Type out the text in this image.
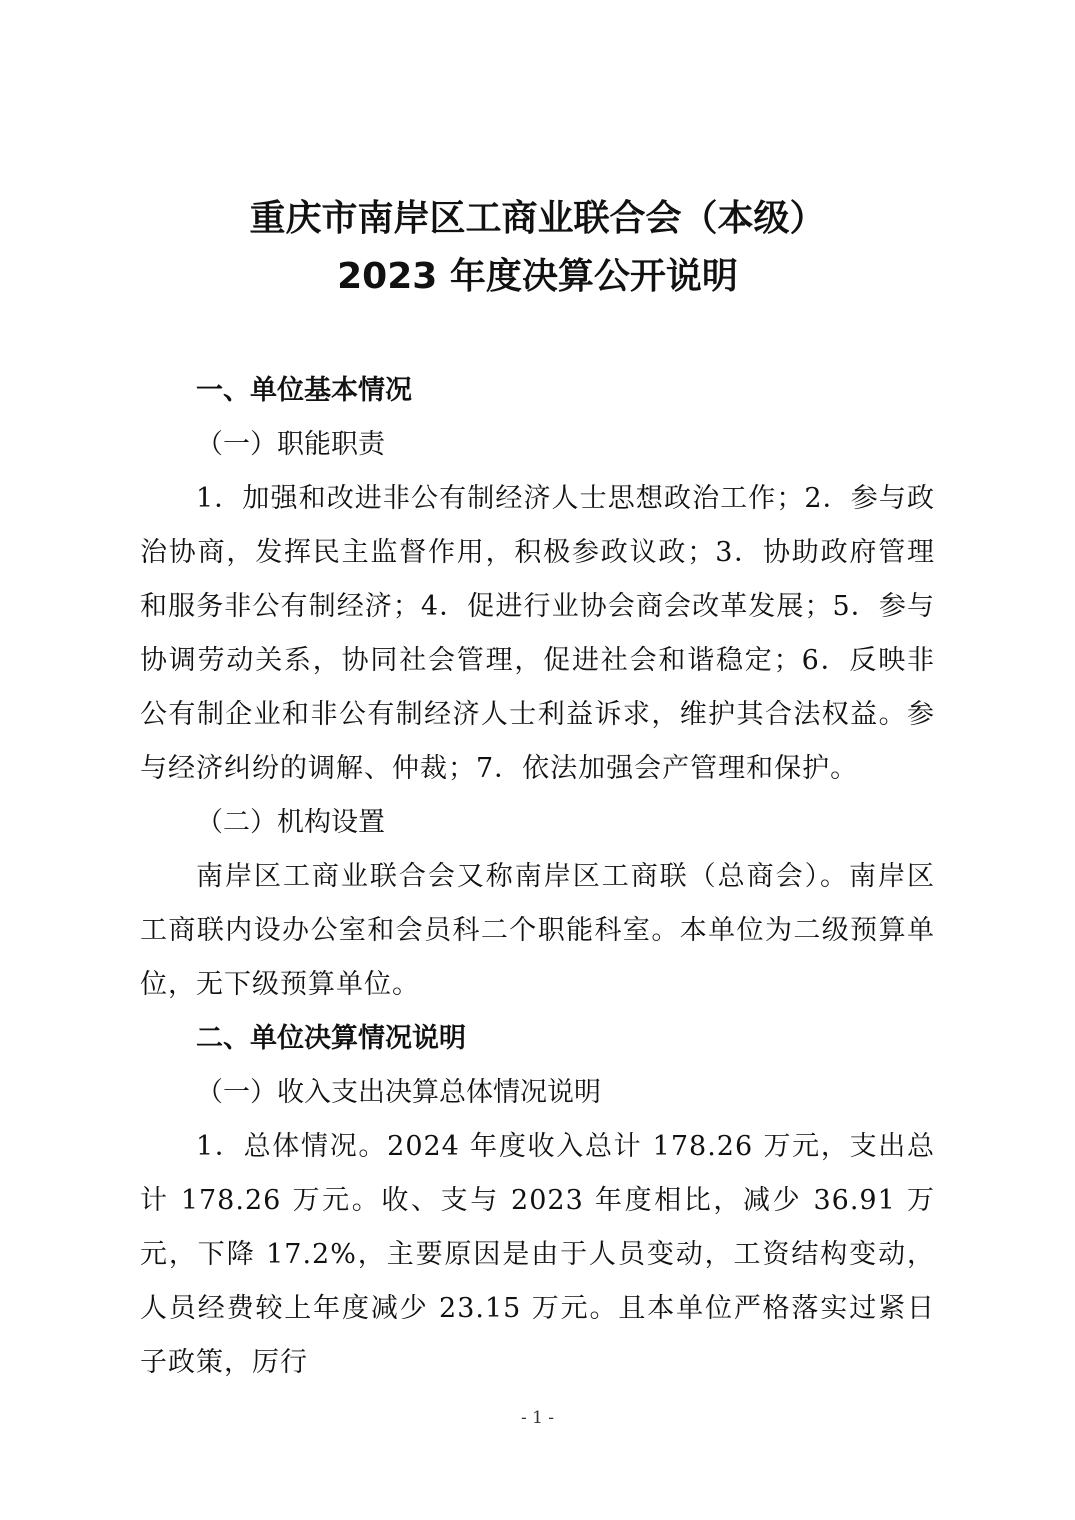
重庆市南岸区工商业联合会（本级）
2023 年度决算公开说明
一、单位基本情况
（一）职能职责
1．加强和改进非公有制经济人士思想政治工作；2．参与政治协商，发挥民主监督作用，积极参政议政；3．协助政府管理和服务非公有制经济；4．促进行业协会商会改革发展；5．参与协调劳动关系，协同社会管理，促进社会和谐稳定；6．反映非公有制企业和非公有制经济人士利益诉求，维护其合法权益。参与经济纠纷的调解、仲裁；7．依法加强会产管理和保护。
（二）机构设置
南岸区工商业联合会又称南岸区工商联（总商会）。南岸区工商联内设办公室和会员科二个职能科室。本单位为二级预算单位，无下级预算单位。
二、单位决算情况说明
（一）收入支出决算总体情况说明
1．总体情况。2024 年度收入总计 178.26 万元，支出总计 178.26 万元。收、支与 2023 年度相比，减少 36.91 万元，下降 17.2%，主要原因是由于人员变动，工资结构变动，人员经费较上年度减少 23.15 万元。且本单位严格落实过紧日子政策，厉行
- 1 -
